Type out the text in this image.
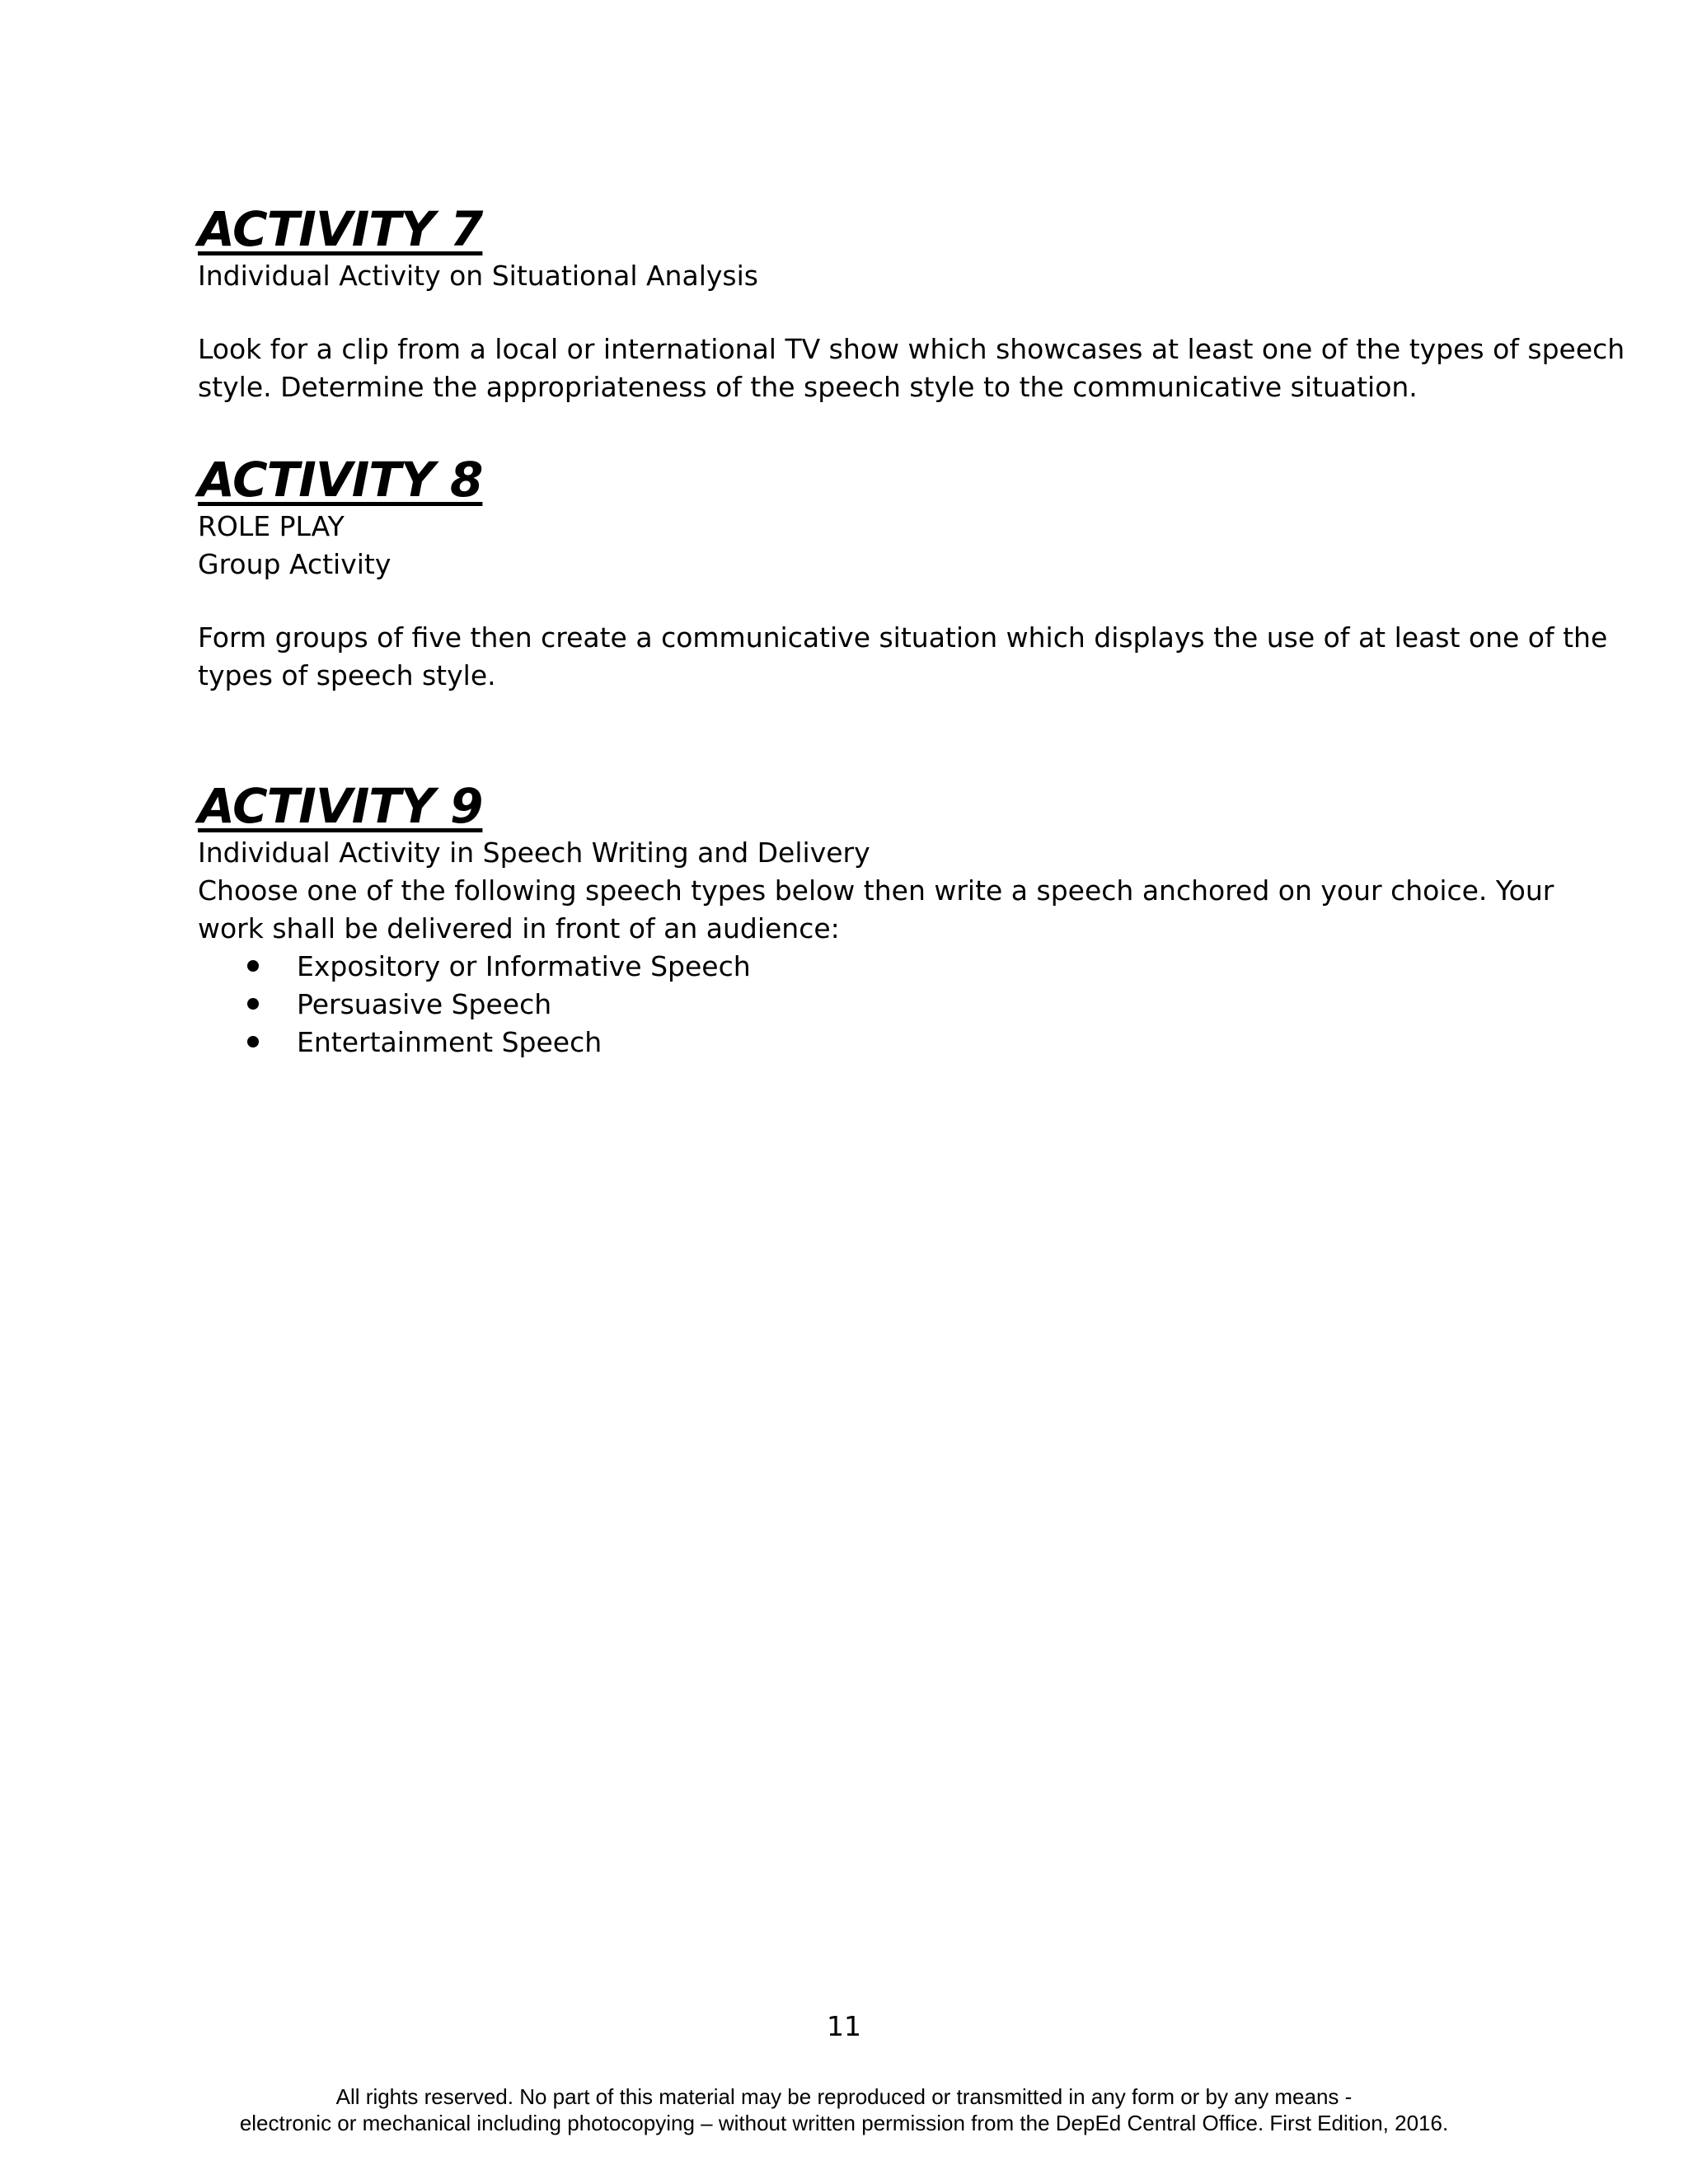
ACTIVITY 7

Individual Activity on Situational Analysis

Look for a clip from a local or international TV show which showcases at least one of the types of speech

style. Determine the appropriateness of the speech style to the communicative situation.

ACTIVITY 8

ROLE PLAY

Group Activity

Form groups of five then create a communicative situation which displays the use of at least one of the

types of speech style.

ACTIVITY 9

Individual Activity in Speech Writing and Delivery

Choose one of the following speech types below then write a speech anchored on your choice. Your

work shall be delivered in front of an audience:

Expository or Informative Speech
Persuasive Speech
Entertainment Speech
11
All rights reserved. No part of this material may be reproduced or transmitted in any form or by any means -
electronic or mechanical including photocopying – without written permission from the DepEd Central Office. First Edition, 2016.
